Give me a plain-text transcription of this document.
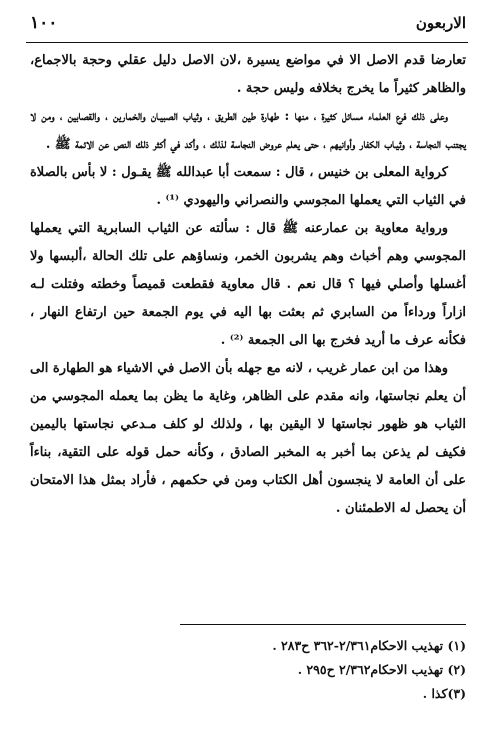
الاربعون
١٠٠

تعارضا قدم الاصل الا في مواضع يسيرة ،لان الاصل دليل عقلي وحجة بالاجماع، والظاهر كثيراً ما يخرج بخلافه وليس حجة .

وعلى ذلك فرع العلماء مسائل كثيرة ، منها : طهارة طين الطريق ، وثياب الصبيـان والخمارين ، والقصابين ، ومن لا يجتنب النجاسة ، وثيـاب الكفار وأوانيهم ، حتى يعلم عروض النجاسة لذلك ، وأكد في أكثر ذلك النص عن الائمة ﷺ .

كرواية المعلى بن خنيس ، قال : سمعت أبا عبدالله ﷺ يقـول : لا بأس بالصلاة في الثياب التي يعملها المجوسي والنصراني واليهودي ⁽¹⁾ .

ورواية معاوية بن عمارعنه ﷺ قال : سألته عن الثياب السابرية التي يعملها المجوسي وهم أخباث وهم يشربون الخمر، ونساؤهم على تلك الحالة ،ألبسها ولا أغسلها وأصلي فيها ؟ قال نعم . قال معاوية فقطعت قميصاً وخطته وفتلت لـه ازاراً ورداءاً من السابري ثم بعثت بها اليه في يوم الجمعة حين ارتفاع النهار ، فكأنه عرف ما أريد فخرج بها الى الجمعة ⁽²⁾ .

وهذا من ابن عمار غريب ، لانه مع جهله بأن الاصل في الاشياء هو الطهارة الى أن يعلم نجاستها، وانه مقدم على الظاهر، وغاية ما يظن بما يعمله المجوسي من الثياب هو ظهور نجاستها لا اليقين بها ، ولذلك لو كلف مـدعي نجاستها باليمين فكيف لم يذعن بما أخبر به المخبر الصادق ، وكأنه حمل قوله على التقية، بناءاً على أن العامة لا ينجسون أهل الكتاب ومن في حكمهم ، فأراد بمثل هذا الامتحان أن يحصل له الاطمئنان .

(١) تهذيب الاحكام٢/٣٦١-٣٦٢ ح٢٨٣ .

(٢) تهذيب الاحكام٢/٣٦٢ ح٢٩٥ .

(٣)كذا .
